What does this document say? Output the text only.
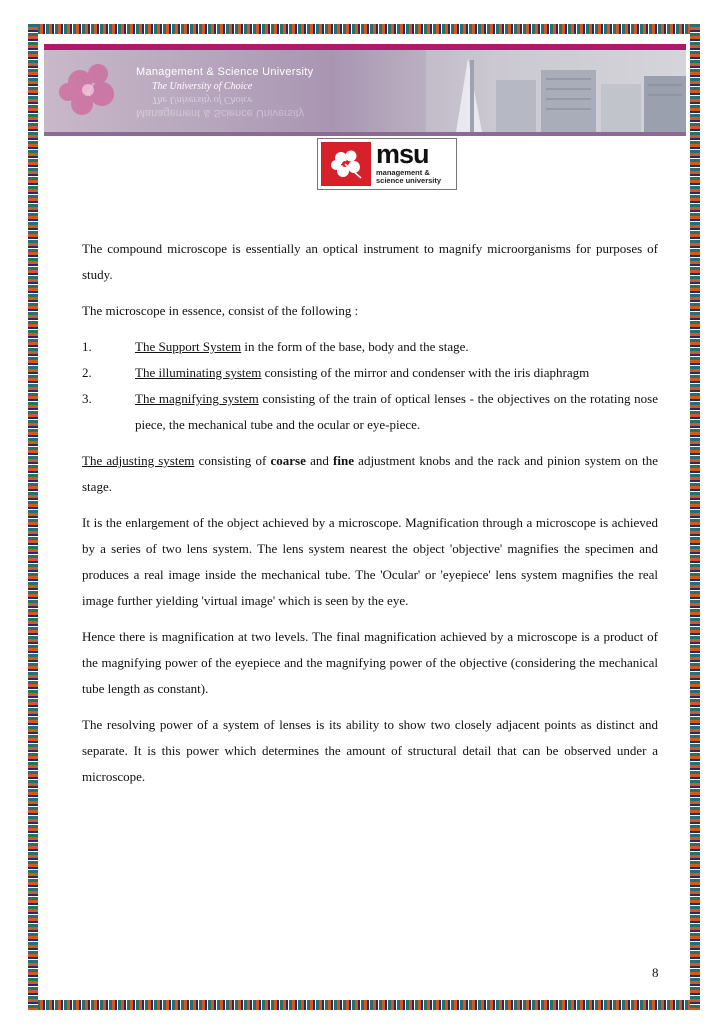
Management & Science University
The University of Choice
The University of Choice
Management & Science University
msu
management &
science university

The compound microscope is essentially an optical instrument to magnify microorganisms for purposes of study.

The microscope in essence, consist of the following :

1.	The Support System in the form of the base, body and the stage.
2.	The illuminating system consisting of the mirror and condenser with the iris diaphragm
3.	The magnifying system consisting of the train of optical lenses - the objectives on the rotating nose piece, the mechanical tube and the ocular or eye-piece.

The adjusting system consisting of coarse and fine adjustment knobs and the rack and pinion system on the stage.

It is the enlargement of the object achieved by a microscope. Magnification through a microscope is achieved by a series of two lens system. The lens system nearest the object 'objective' magnifies the specimen and produces a real image inside the mechanical tube. The 'Ocular' or 'eyepiece' lens system magnifies the real image further yielding 'virtual image' which is seen by the eye.

Hence there is magnification at two levels. The final magnification achieved by a microscope is a product of the magnifying power of the eyepiece and the magnifying power of the objective (considering the mechanical tube length as constant).

The resolving power of a system of lenses is its ability to show two closely adjacent points as distinct and separate. It is this power which determines the amount of structural detail that can be observed under a microscope.

8
